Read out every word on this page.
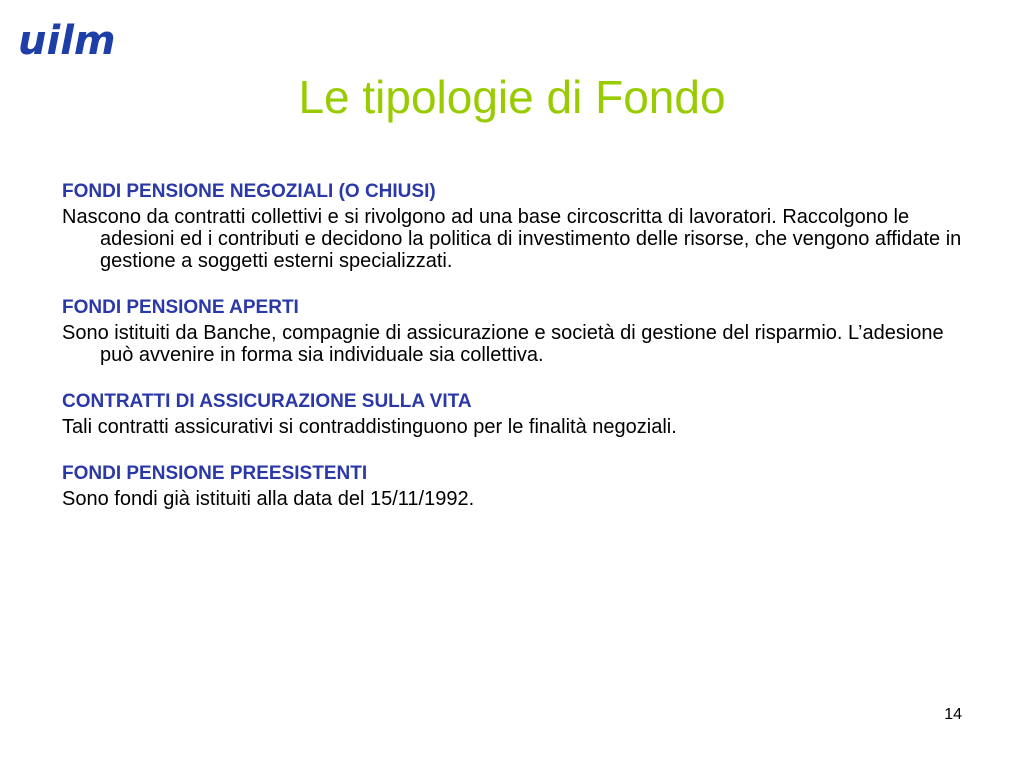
uilm
Le tipologie di Fondo
FONDI PENSIONE NEGOZIALI (O CHIUSI)
Nascono da contratti collettivi e si rivolgono ad una base circoscritta di lavoratori. Raccolgono le adesioni ed i contributi e decidono la politica di investimento delle risorse, che vengono affidate in gestione a soggetti esterni specializzati.
FONDI PENSIONE APERTI
Sono istituiti da Banche, compagnie di assicurazione e società di gestione del risparmio. L’adesione può avvenire in forma sia individuale sia collettiva.
CONTRATTI DI ASSICURAZIONE SULLA VITA
Tali contratti assicurativi si contraddistinguono per le finalità negoziali.
FONDI PENSIONE PREESISTENTI
Sono fondi già istituiti alla data del 15/11/1992.
14
